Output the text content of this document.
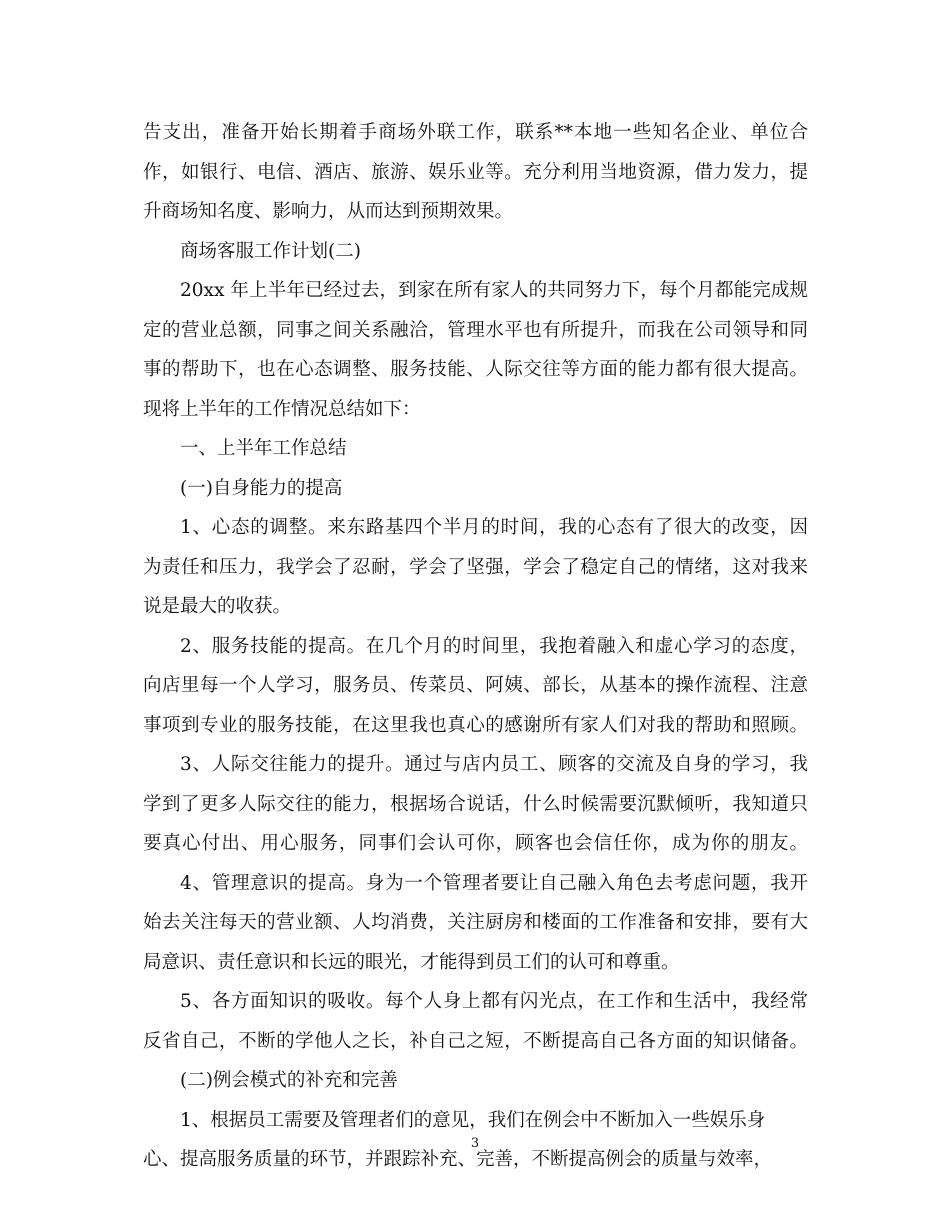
告支出，准备开始长期着手商场外联工作，联系**本地一些知名企业、单位合
作，如银行、电信、酒店、旅游、娱乐业等。充分利用当地资源，借力发力，提
升商场知名度、影响力，从而达到预期效果。
商场客服工作计划(二)
20xx 年上半年已经过去，到家在所有家人的共同努力下，每个月都能完成规
定的营业总额，同事之间关系融洽，管理水平也有所提升，而我在公司领导和同
事的帮助下，也在心态调整、服务技能、人际交往等方面的能力都有很大提高。
现将上半年的工作情况总结如下：
一、上半年工作总结
(一)自身能力的提高
1、心态的调整。来东路基四个半月的时间，我的心态有了很大的改变，因
为责任和压力，我学会了忍耐，学会了坚强，学会了稳定自己的情绪，这对我来
说是最大的收获。
2、服务技能的提高。在几个月的时间里，我抱着融入和虚心学习的态度，
向店里每一个人学习，服务员、传菜员、阿姨、部长，从基本的操作流程、注意
事项到专业的服务技能，在这里我也真心的感谢所有家人们对我的帮助和照顾。
3、人际交往能力的提升。通过与店内员工、顾客的交流及自身的学习，我
学到了更多人际交往的能力，根据场合说话，什么时候需要沉默倾听，我知道只
要真心付出、用心服务，同事们会认可你，顾客也会信任你，成为你的朋友。
4、管理意识的提高。身为一个管理者要让自己融入角色去考虑问题，我开
始去关注每天的营业额、人均消费，关注厨房和楼面的工作准备和安排，要有大
局意识、责任意识和长远的眼光，才能得到员工们的认可和尊重。
5、各方面知识的吸收。每个人身上都有闪光点，在工作和生活中，我经常
反省自己，不断的学他人之长，补自己之短，不断提高自己各方面的知识储备。
(二)例会模式的补充和完善
1、根据员工需要及管理者们的意见，我们在例会中不断加入一些娱乐身
心、提高服务质量的环节，并跟踪补充、完善，不断提高例会的质量与效率，
3
